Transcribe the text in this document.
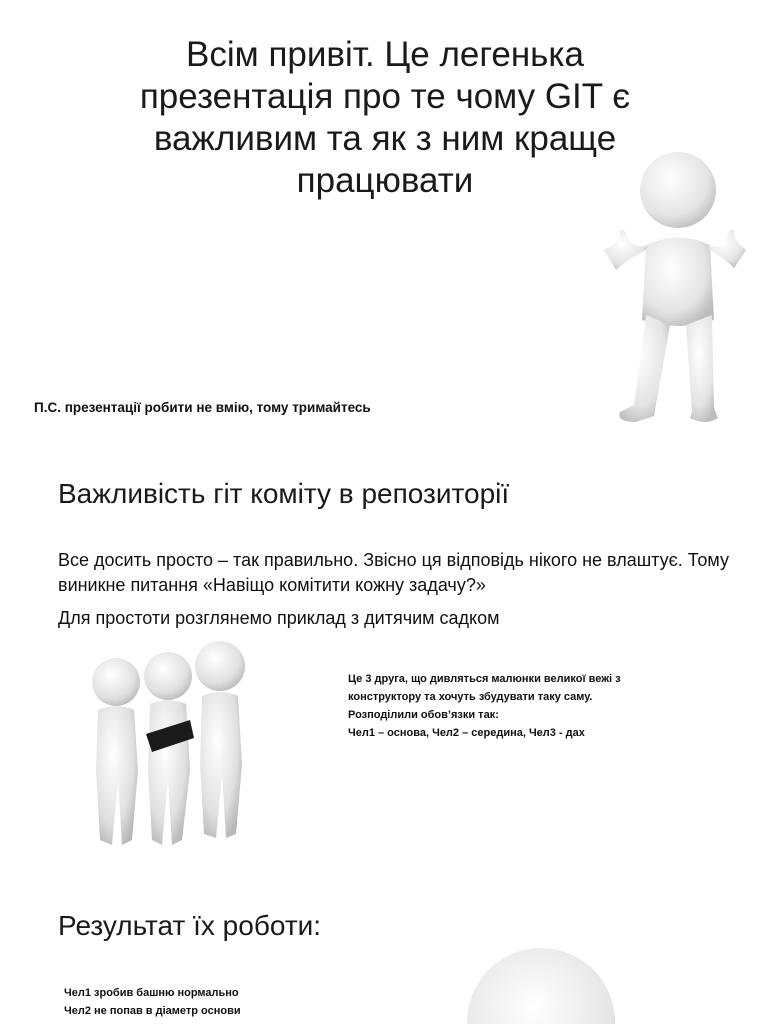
Всім привіт. Це легенька презентація про те чому GIT є важливим та як з ним краще працювати
П.С. презентації робити не вмію, тому тримайтесь
Важливість гіт коміту в репозиторії

Все досить просто – так правильно. Звісно ця відповідь нікого не влаштує. Тому виникне питання «Навіщо комітити кожну задачу?»

Для простоти розглянемо приклад з дитячим садком

Це 3 друга, що дивляться малюнки великої вежі з
конструктору та хочуть збудувати таку саму.
Розподілили обов’язки так:
Чел1 – основа, Чел2 – середина, Чел3 - дах
Результат їх роботи:
Чел1 зробив башню нормально
Чел2 не попав в діаметр основи
